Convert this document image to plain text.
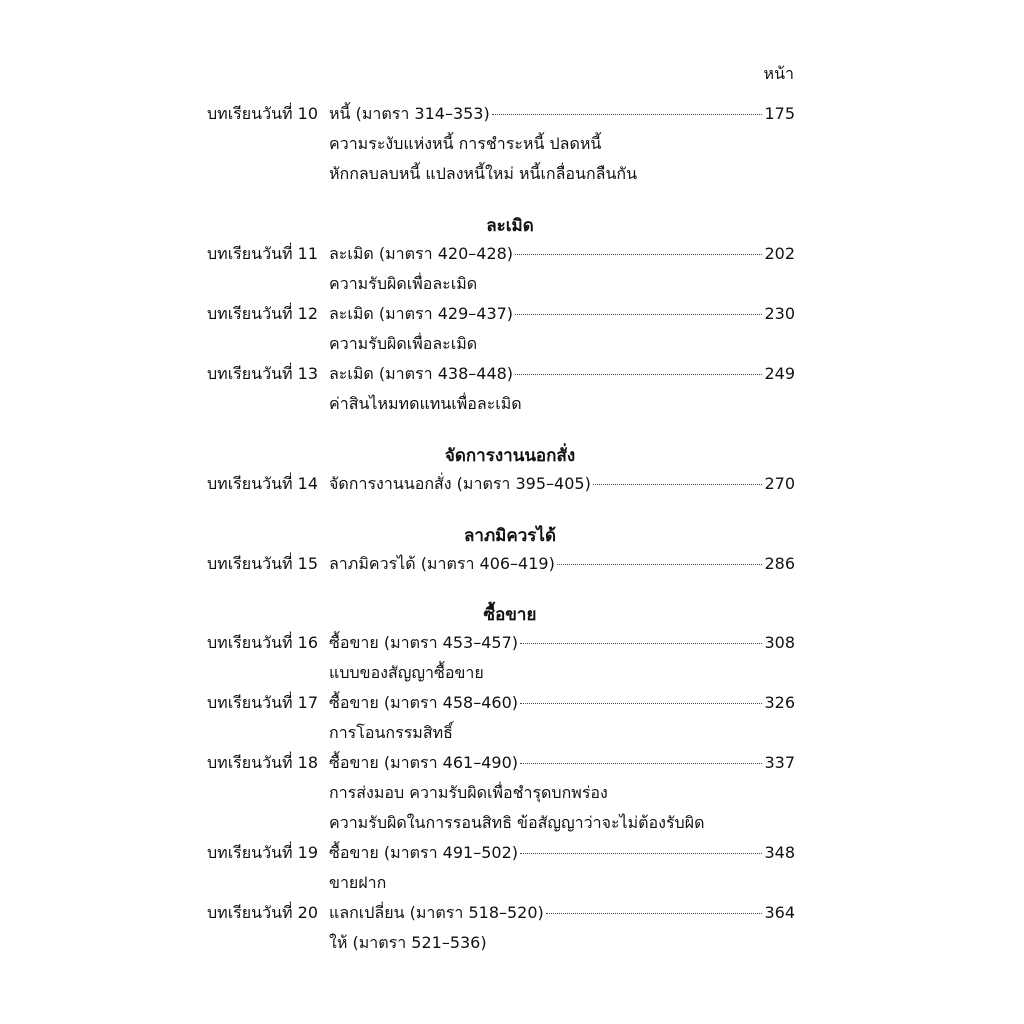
หน้า
บทเรียนวันที่ 10 หนี้ (มาตรา 314–353)	175
ความระงับแห่งหนี้ การชำระหนี้ ปลดหนี้
หักกลบลบหนี้ แปลงหนี้ใหม่ หนี้เกลื่อนกลืนกัน
ละเมิด
บทเรียนวันที่ 11 ละเมิด (มาตรา 420–428)	202
ความรับผิดเพื่อละเมิด
บทเรียนวันที่ 12 ละเมิด (มาตรา 429–437)	230
ความรับผิดเพื่อละเมิด
บทเรียนวันที่ 13 ละเมิด (มาตรา 438–448)	249
ค่าสินไหมทดแทนเพื่อละเมิด
จัดการงานนอกสั่ง
บทเรียนวันที่ 14 จัดการงานนอกสั่ง (มาตรา 395–405)	270
ลาภมิควรได้
บทเรียนวันที่ 15 ลาภมิควรได้ (มาตรา 406–419)	286
ซื้อขาย
บทเรียนวันที่ 16 ซื้อขาย (มาตรา 453–457)	308
แบบของสัญญาซื้อขาย
บทเรียนวันที่ 17 ซื้อขาย (มาตรา 458–460)	326
การโอนกรรมสิทธิ์
บทเรียนวันที่ 18 ซื้อขาย (มาตรา 461–490)	337
การส่งมอบ ความรับผิดเพื่อชำรุดบกพร่อง
ความรับผิดในการรอนสิทธิ ข้อสัญญาว่าจะไม่ต้องรับผิด
บทเรียนวันที่ 19 ซื้อขาย (มาตรา 491–502)	348
ขายฝาก
บทเรียนวันที่ 20 แลกเปลี่ยน (มาตรา 518–520)	364
ให้ (มาตรา 521–536)
